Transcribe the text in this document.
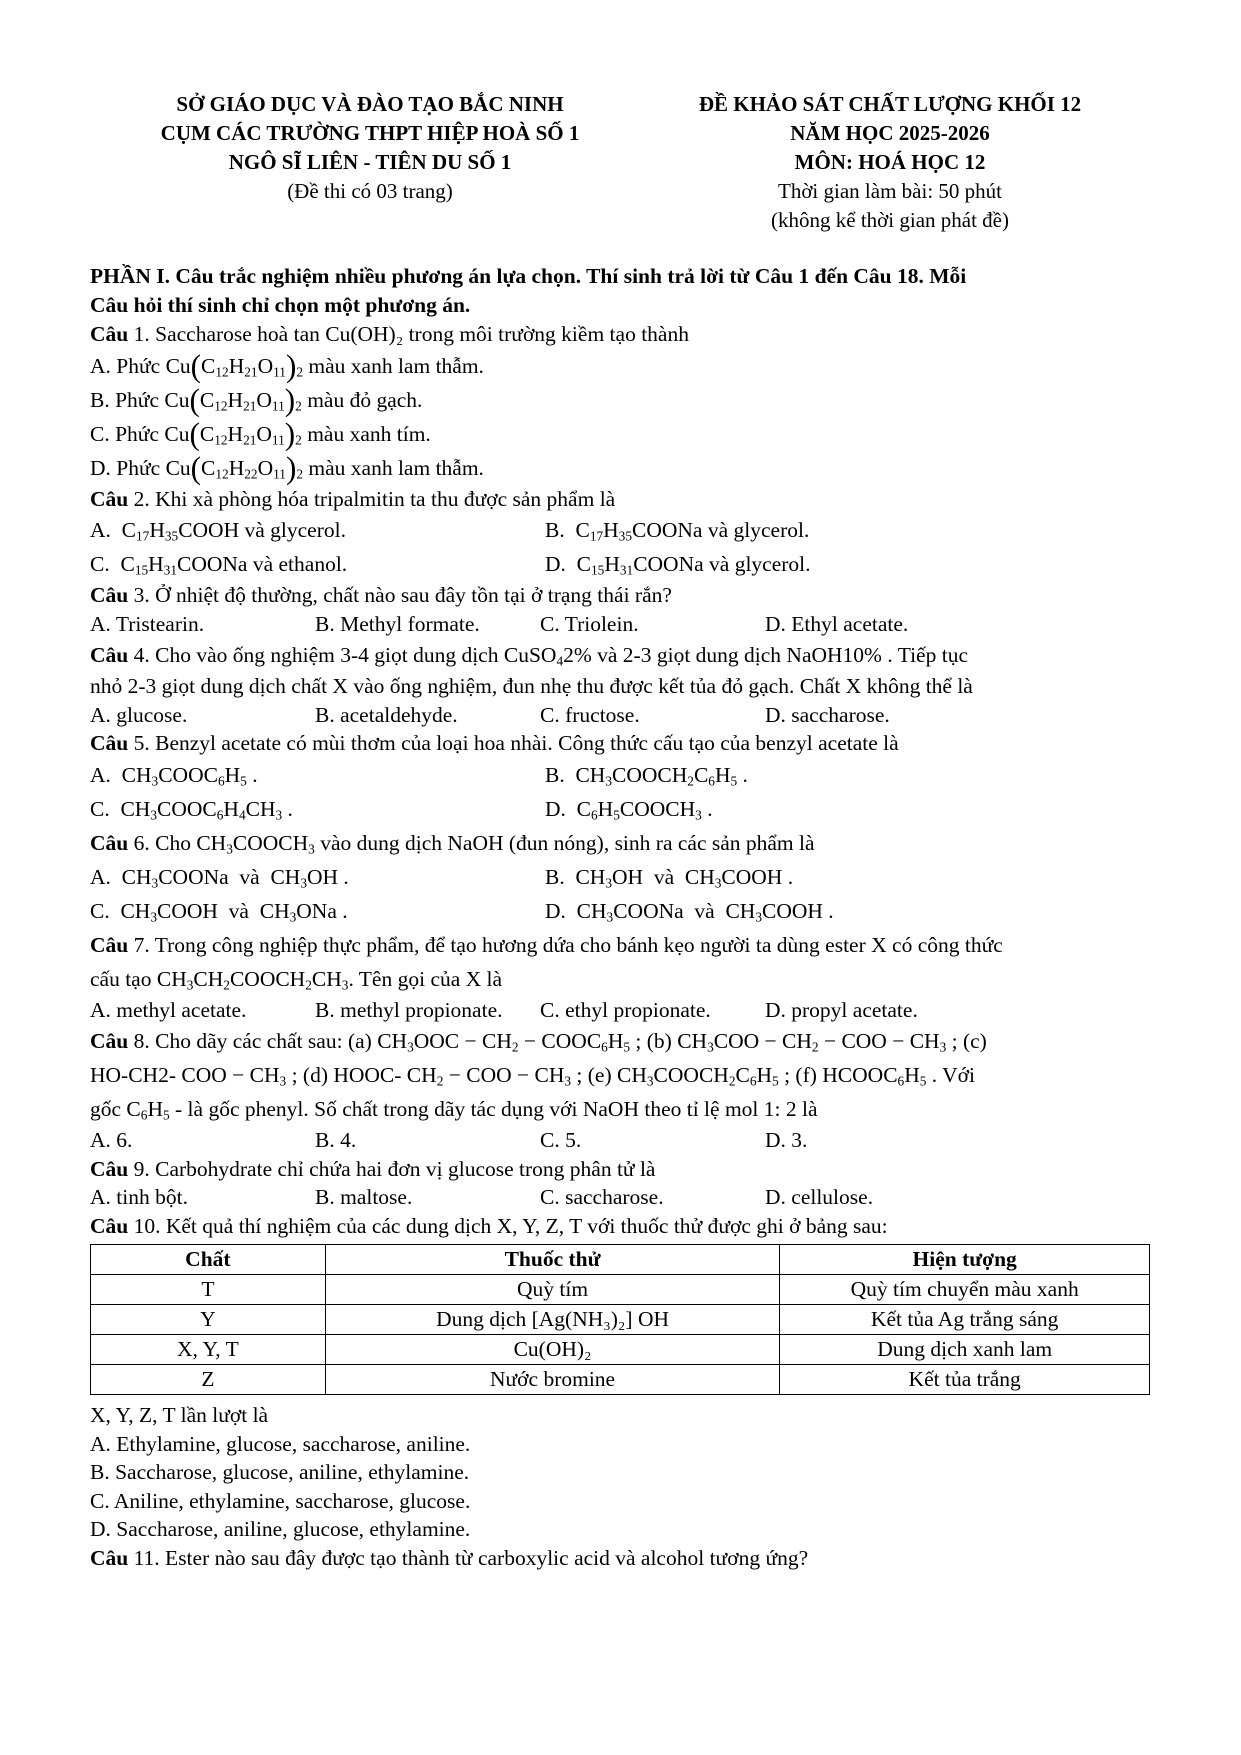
SỞ GIÁO DỤC VÀ ĐÀO TẠO BẮC NINH
CỤM CÁC TRƯỜNG THPT HIỆP HOÀ SỐ 1
NGÔ SĨ LIÊN - TIÊN DU SỐ 1
(Đề thi có 03 trang)
ĐỀ KHẢO SÁT CHẤT LƯỢNG KHỐI 12
NĂM HỌC 2025-2026
MÔN: HOÁ HỌC 12
Thời gian làm bài: 50 phút
(không kể thời gian phát đề)
PHẦN I. Câu trắc nghiệm nhiều phương án lựa chọn. Thí sinh trả lời từ Câu 1 đến Câu 18. Mỗi
Câu hỏi thí sinh chỉ chọn một phương án.
Câu 1. Saccharose hoà tan Cu(OH)₂ trong môi trường kiềm tạo thành
A. Phức $Cu(C_{12}H_{21}O_{11})_2$ màu xanh lam thẫm.
B. Phức $Cu(C_{12}H_{21}O_{11})_2$ màu đỏ gạch.
C. Phức $Cu(C_{12}H_{21}O_{11})_2$ màu xanh tím.
D. Phức $Cu(C_{12}H_{22}O_{11})_2$ màu xanh lam thẫm.
Câu 2. Khi xà phòng hóa tripalmitin ta thu được sản phẩm là
A.  $C_{17}H_{35}COOH$ và glycerol.	B.  $C_{17}H_{35}COONa$ và glycerol.
C.  $C_{15}H_{31}COONa$ và ethanol.	D.  $C_{15}H_{31}COONa$ và glycerol.
Câu 3. Ở nhiệt độ thường, chất nào sau đây tồn tại ở trạng thái rắn?
A. Tristearin.	B. Methyl formate.	C. Triolein.	D. Ethyl acetate.
Câu 4. Cho vào ống nghiệm 3-4 giọt dung dịch CuSO$_4$2% và 2-3 giọt dung dịch NaOH10% . Tiếp tục
nhỏ 2-3 giọt dung dịch chất X vào ống nghiệm, đun nhẹ thu được kết tủa đỏ gạch. Chất X không thể là
A. glucose.	B. acetaldehyde.	C. fructose.	D. saccharose.
Câu 5. Benzyl acetate có mùi thơm của loại hoa nhài. Công thức cấu tạo của benzyl acetate là
A.  $CH_3COOC_6H_5$ .	B.  $CH_3COOCH_2C_6H_5$ .
C.  $CH_3COOC_6H_4CH_3$ .	D.  $C_6H_5COOCH_3$ .
Câu 6. Cho $CH_3COOCH_3$ vào dung dịch NaOH (đun nóng), sinh ra các sản phẩm là
A.  $CH_3COONa$  và  $CH_3OH$ .	B.  $CH_3OH$  và  $CH_3COOH$ .
C.  $CH_3COOH$  và  $CH_3ONa$ .	D.  $CH_3COONa$  và  $CH_3COOH$ .
Câu 7. Trong công nghiệp thực phẩm, để tạo hương dứa cho bánh kẹo người ta dùng ester X có công thức
cấu tạo $CH_3CH_2COOCH_2CH_3$. Tên gọi của X là
A. methyl acetate.	B. methyl propionate.	C. ethyl propionate.	D. propyl acetate.
Câu 8. Cho dãy các chất sau: (a) $CH_3OOC - CH_2$ − $COOC_6H_5$ ; (b) $CH_3COO - CH_2$ − COO − $CH_3$ ; (c)
HO-CH2- COO − $CH_3$ ; (d) HOOC- $CH_2$ − COO − $CH_3$ ; (e) $CH_3COOCH_2C_6H_5$ ; (f) $HCOOC_6H_5$ . Với
gốc $C_6H_5$ - là gốc phenyl. Số chất trong dãy tác dụng với NaOH theo tỉ lệ mol 1: 2 là
A. 6.	B. 4.	C. 5.	D. 3.
Câu 9. Carbohydrate chỉ chứa hai đơn vị glucose trong phân tử là
A. tinh bột.	B. maltose.	C. saccharose.	D. cellulose.
Câu 10. Kết quả thí nghiệm của các dung dịch X, Y, Z, T với thuốc thử được ghi ở bảng sau:
Chất	Thuốc thử	Hiện tượng
T	Quỳ tím	Quỳ tím chuyển màu xanh
Y	Dung dịch [Ag(NH₃)₂] OH	Kết tủa Ag trắng sáng
X, Y, T	Cu(OH)₂	Dung dịch xanh lam
Z	Nước bromine	Kết tủa trắng
X, Y, Z, T lần lượt là
A. Ethylamine, glucose, saccharose, aniline.
B. Saccharose, glucose, aniline, ethylamine.
C. Aniline, ethylamine, saccharose, glucose.
D. Saccharose, aniline, glucose, ethylamine.
Câu 11. Ester nào sau đây được tạo thành từ carboxylic acid và alcohol tương ứng?
